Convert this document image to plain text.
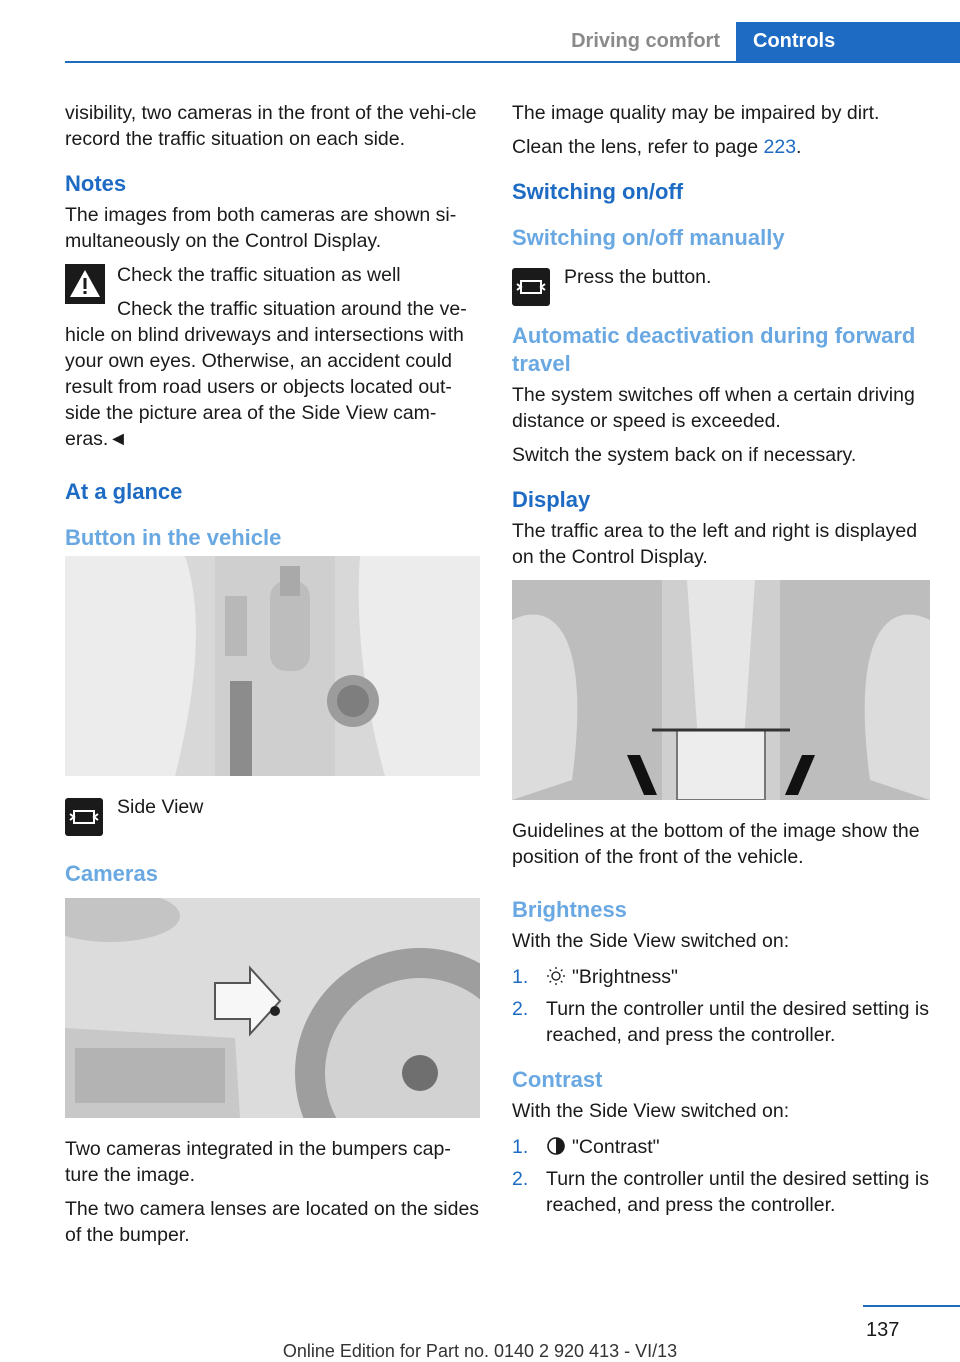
Driving comfort	Controls

visibility, two cameras in the front of the vehi-cle record the traffic situation on each side.

Notes

The images from both cameras are shown si-multaneously on the Control Display.

Check the traffic situation as well

Check the traffic situation around the ve-hicle on blind driveways and intersections with your own eyes. Otherwise, an accident could result from road users or objects located out-side the picture area of the Side View cam-eras.◄

At a glance
Button in the vehicle

Side View

Cameras

Two cameras integrated in the bumpers cap-ture the image.

The two camera lenses are located on the sides of the bumper.

The image quality may be impaired by dirt.

Clean the lens, refer to page 223.

Switching on/off
Switching on/off manually

Press the button.

Automatic deactivation during forward travel

The system switches off when a certain driving distance or speed is exceeded.

Switch the system back on if necessary.

Display

The traffic area to the left and right is displayed on the Control Display.

Guidelines at the bottom of the image show the position of the front of the vehicle.

Brightness

With the Side View switched on:

1. "Brightness"
2. Turn the controller until the desired setting is reached, and press the controller.
Contrast

With the Side View switched on:

1. "Contrast"
2. Turn the controller until the desired setting is reached, and press the controller.
137
Online Edition for Part no. 0140 2 920 413 - VI/13
